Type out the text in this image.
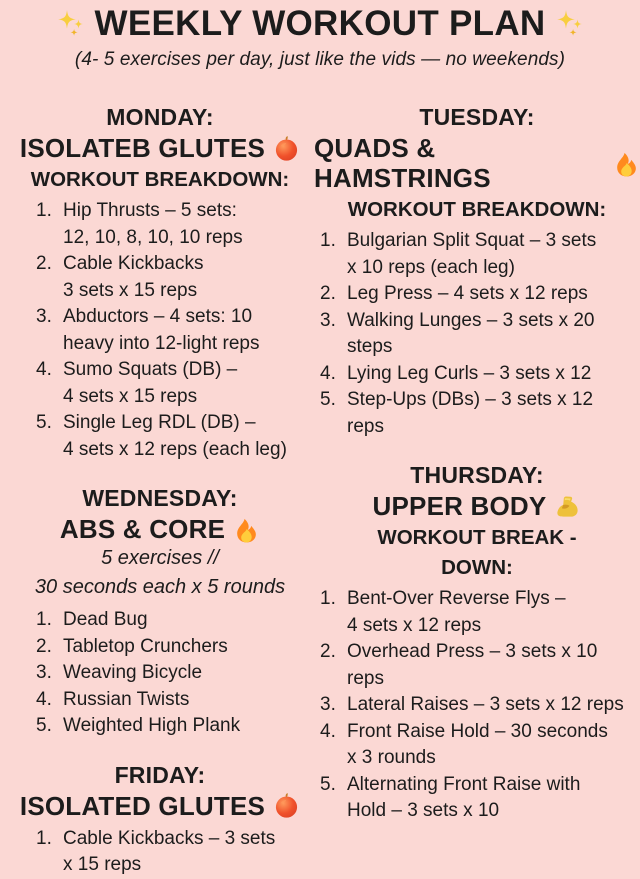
WEEKLY WORKOUT PLAN
(4- 5 exercises per day, just like the vids — no weekends)
MONDAY:
ISOLATEB GLUTES
WORKOUT BREAKDOWN:
1. Hip Thrusts – 5 sets:
12, 10, 8, 10, 10 reps
2. Cable Kickbacks
3 sets x 15 reps
3. Abductors – 4 sets: 10
heavy into 12-light reps
4. Sumo Squats (DB) –
4 sets x 15 reps
5. Single Leg RDL (DB) –
4 sets x 12 reps (each leg)
WEDNESDAY:
ABS & CORE
5 exercises //
30 seconds each x 5 rounds
1. Dead Bug
2. Tabletop Crunchers
3. Weaving Bicycle
4. Russian Twists
5. Weighted High Plank
FRIDAY:
ISOLATED GLUTES
1. Cable Kickbacks – 3 sets
x 15 reps
TUESDAY:
QUADS & HAMSTRINGS
WORKOUT BREAKDOWN:
1. Bulgarian Split Squat – 3 sets
x 10 reps (each leg)
2. Leg Press – 4 sets x 12 reps
3. Walking Lunges – 3 sets x 20
steps
4. Lying Leg Curls – 3 sets x 12
5. Step-Ups (DBs) – 3 sets x 12
reps
THURSDAY:
UPPER BODY
WORKOUT BREAK -
DOWN:
1. Bent-Over Reverse Flys –
4 sets x 12 reps
2. Overhead Press – 3 sets x 10
reps
3. Lateral Raises – 3 sets x 12 reps
4. Front Raise Hold – 30 seconds
x 3 rounds
5. Alternating Front Raise with
Hold – 3 sets x 10
